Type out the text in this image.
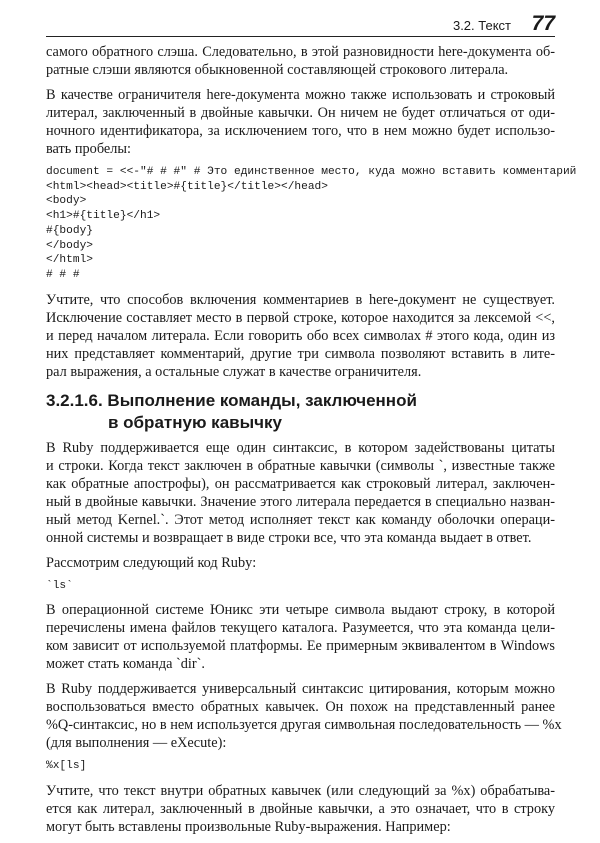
3.2. Текст 77
самого обратного слэша. Следовательно, в этой разновидности here-документа об-
ратные слэши являются обыкновенной составляющей строкового литерала.
В качестве ограничителя here-документа можно также использовать и строковый
литерал, заключенный в двойные кавычки. Он ничем не будет отличаться от оди-
ночного идентификатора, за исключением того, что в нем можно будет использо-
вать пробелы:
document = <<-"# # #" # Это единственное место, куда можно вставить комментарий
<html><head><title>#{title}</title></head>
<body>
<h1>#{title}</h1>
#{body}
</body>
</html>
# # #
Учтите, что способов включения комментариев в here-документ не существует.
Исключение составляет место в первой строке, которое находится за лексемой <<,
и перед началом литерала. Если говорить обо всех символах # этого кода, один из
них представляет комментарий, другие три символа позволяют вставить в лите-
рал выражения, а остальные служат в качестве ограничителя.
3.2.1.6. Выполнение команды, заключенной
в обратную кавычку
В Ruby поддерживается еще один синтаксис, в котором задействованы цитаты
и строки. Когда текст заключен в обратные кавычки (символы `, известные также
как обратные апострофы), он рассматривается как строковый литерал, заключен-
ный в двойные кавычки. Значение этого литерала передается в специально назван-
ный метод Kernel.`. Этот метод исполняет текст как команду оболочки операци-
онной системы и возвращает в виде строки все, что эта команда выдает в ответ.
Рассмотрим следующий код Ruby:
`ls`
В операционной системе Юникс эти четыре символа выдают строку, в которой
перечислены имена файлов текущего каталога. Разумеется, что эта команда цели-
ком зависит от используемой платформы. Ее примерным эквивалентом в Windows
может стать команда `dir`.
В Ruby поддерживается универсальный синтаксис цитирования, которым можно
воспользоваться вместо обратных кавычек. Он похож на представленный ранее
%Q-синтаксис, но в нем используется другая символьная последовательность — %x
(для выполнения — eXecute):
%x[ls]
Учтите, что текст внутри обратных кавычек (или следующий за %x) обрабатыва-
ется как литерал, заключенный в двойные кавычки, а это означает, что в строку
могут быть вставлены произвольные Ruby-выражения. Например:
